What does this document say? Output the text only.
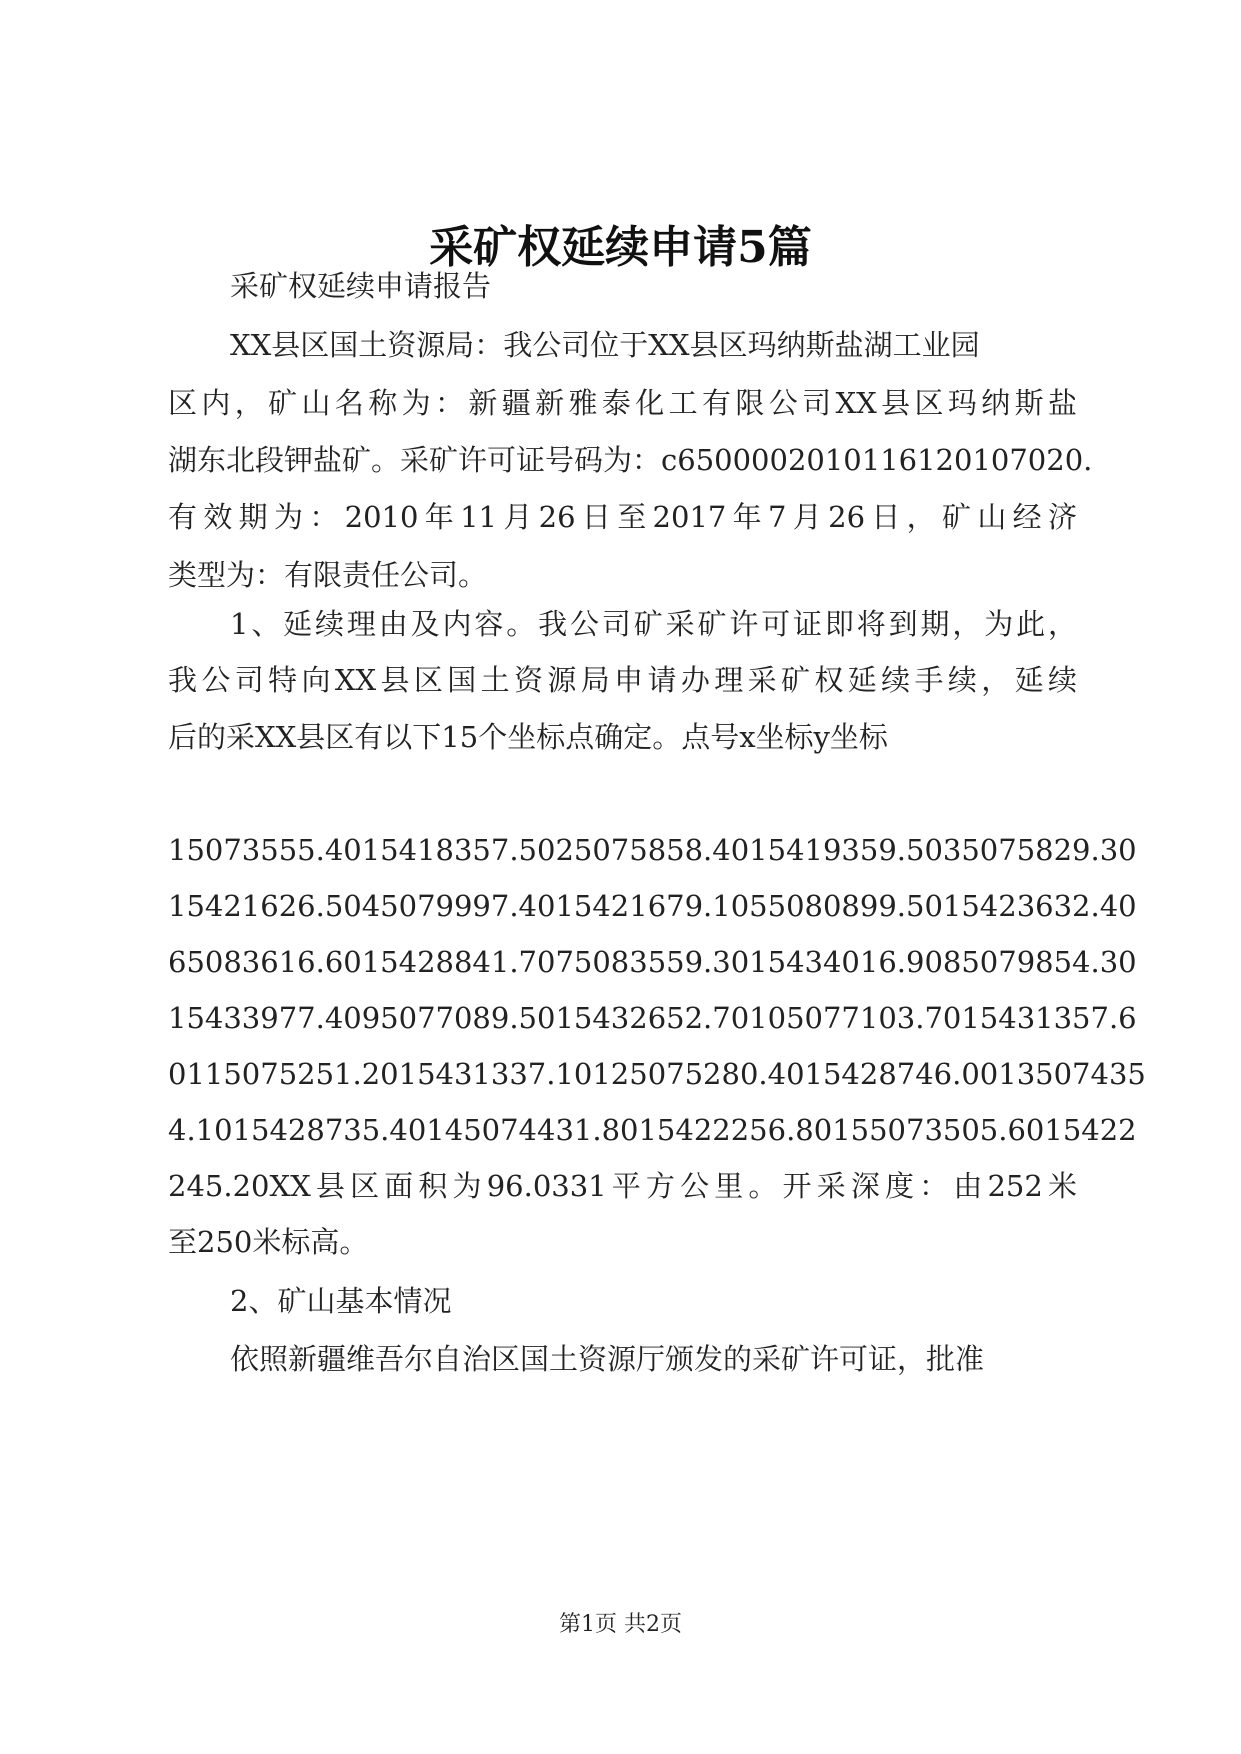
采矿权延续申请5篇
采矿权延续申请报告
XX县区国土资源局：我公司位于XX县区玛纳斯盐湖工业园
区内，矿山名称为：新疆新雅泰化工有限公司XX县区玛纳斯盐
湖东北段钾盐矿。采矿许可证号码为：c6500002010116120107020.
有效期为：2010年11月26日至2017年7月26日，矿山经济
类型为：有限责任公司。
1、延续理由及内容。我公司矿采矿许可证即将到期，为此，
我公司特向XX县区国土资源局申请办理采矿权延续手续，延续
后的采XX县区有以下15个坐标点确定。点号x坐标y坐标
15073555.4015418357.5025075858.4015419359.5035075829.30
15421626.5045079997.4015421679.1055080899.5015423632.40
65083616.6015428841.7075083559.3015434016.9085079854.30
15433977.4095077089.5015432652.70105077103.7015431357.6
0115075251.2015431337.10125075280.4015428746.0013507435
4.1015428735.40145074431.8015422256.80155073505.6015422
245.20XX县区面积为96.0331平方公里。开采深度：由252米
至250米标高。
2、矿山基本情况
依照新疆维吾尔自治区国土资源厅颁发的采矿许可证，批准
第1页 共2页
